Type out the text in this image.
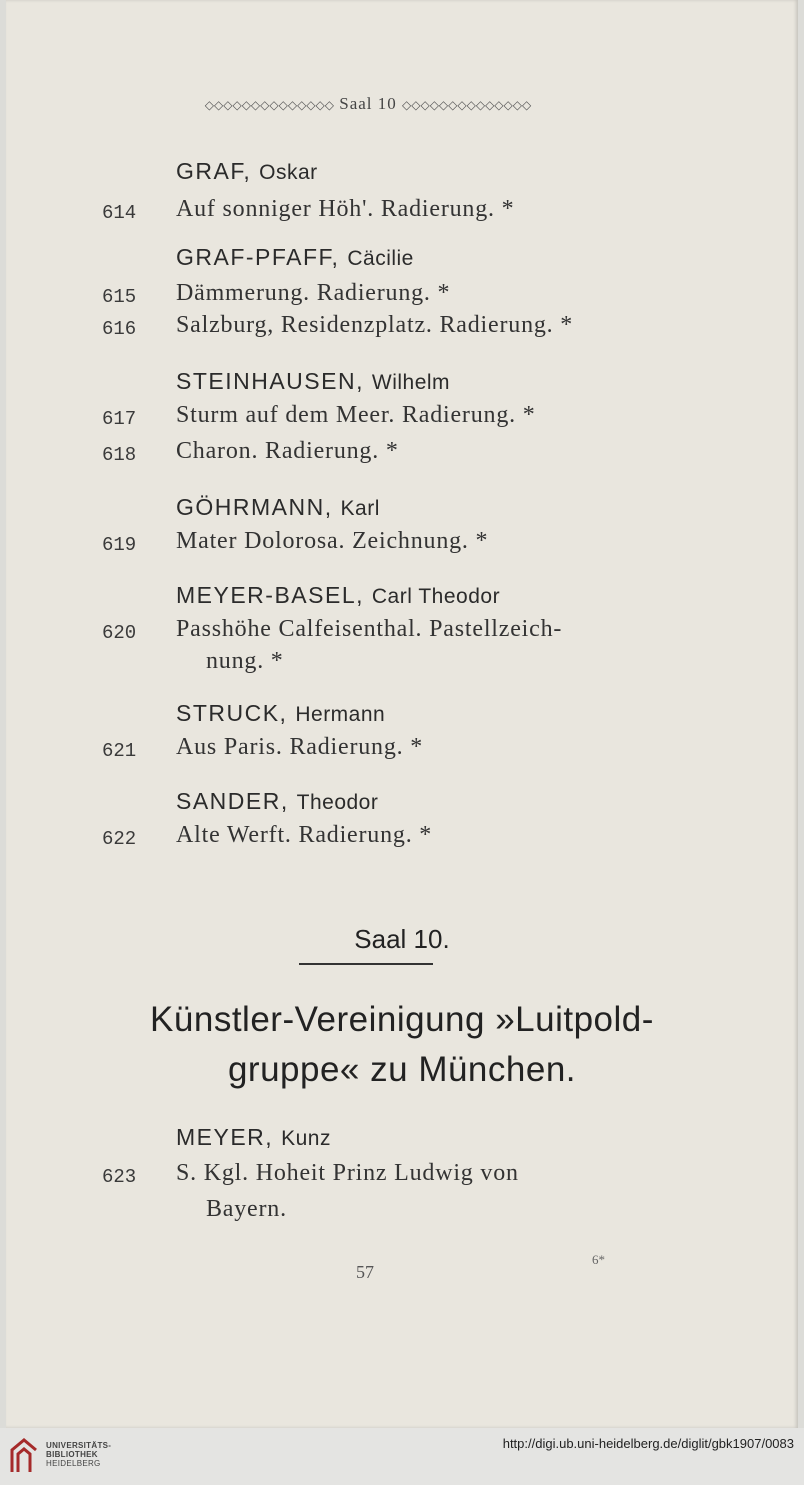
◇◇◇◇◇◇◇◇◇◇◇◇◇◇ Saal 10 ◇◇◇◇◇◇◇◇◇◇◇◇◇◇
GRAF, Oskar
614	Auf sonniger Höh'. Radierung. *
GRAF-PFAFF, Cäcilie
615	Dämmerung. Radierung. *
616	Salzburg, Residenzplatz. Radierung. *
STEINHAUSEN, Wilhelm
617	Sturm auf dem Meer. Radierung. *
618	Charon. Radierung. *
GÖHRMANN, Karl
619	Mater Dolorosa. Zeichnung. *
MEYER-BASEL, Carl Theodor
620	Passhöhe Calfeisenthal. Pastellzeich-
nung. *
STRUCK, Hermann
621	Aus Paris. Radierung. *
SANDER, Theodor
622	Alte Werft. Radierung. *
Saal 10.
Künstler-Vereinigung »Luitpold-
gruppe« zu München.
MEYER, Kunz
623	S. Kgl. Hoheit Prinz Ludwig von
Bayern.
57
6*
UNIVERSITÄTS-
BIBLIOTHEK
HEIDELBERG
http://digi.ub.uni-heidelberg.de/diglit/gbk1907/0083
